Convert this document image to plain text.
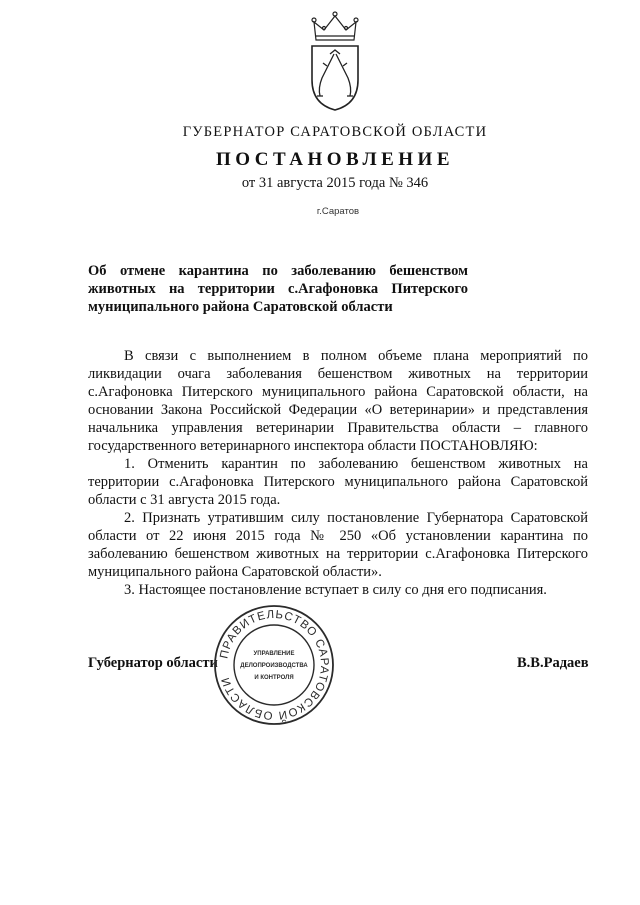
ГУБЕРНАТОР САРАТОВСКОЙ ОБЛАСТИ
ПОСТАНОВЛЕНИЕ
от 31 августа 2015 года № 346
г.Саратов
Об отмене карантина по заболеванию бешенством
животных на территории с.Агафоновка Питерского
муниципального района Саратовской области

В связи с выполнением в полном объеме плана мероприятий по ликвидации очага заболевания бешенством животных на территории с.Агафоновка Питерского муниципального района Саратовской области, на основании Закона Российской Федерации «О ветеринарии» и представления начальника управления ветеринарии Правительства области – главного государственного ветеринарного инспектора области ПОСТАНОВЛЯЮ:

1. Отменить карантин по заболеванию бешенством животных на территории с.Агафоновка Питерского муниципального района Саратовской области с 31 августа 2015 года.

2. Признать утратившим силу постановление Губернатора Саратовской области от 22 июня 2015 года № 250 «Об установлении карантина по заболеванию бешенством животных на территории с.Агафоновка Питерского муниципального района Саратовской области».

3. Настоящее постановление вступает в силу со дня его подписания.

Губернатор области	В.В.Радаев
ПРАВИТЕЛЬСТВО САРАТОВСКОЙ ОБЛАСТИ
УПРАВЛЕНИЕ
ДЕЛОПРОИЗВОДСТВА
И КОНТРОЛЯ
